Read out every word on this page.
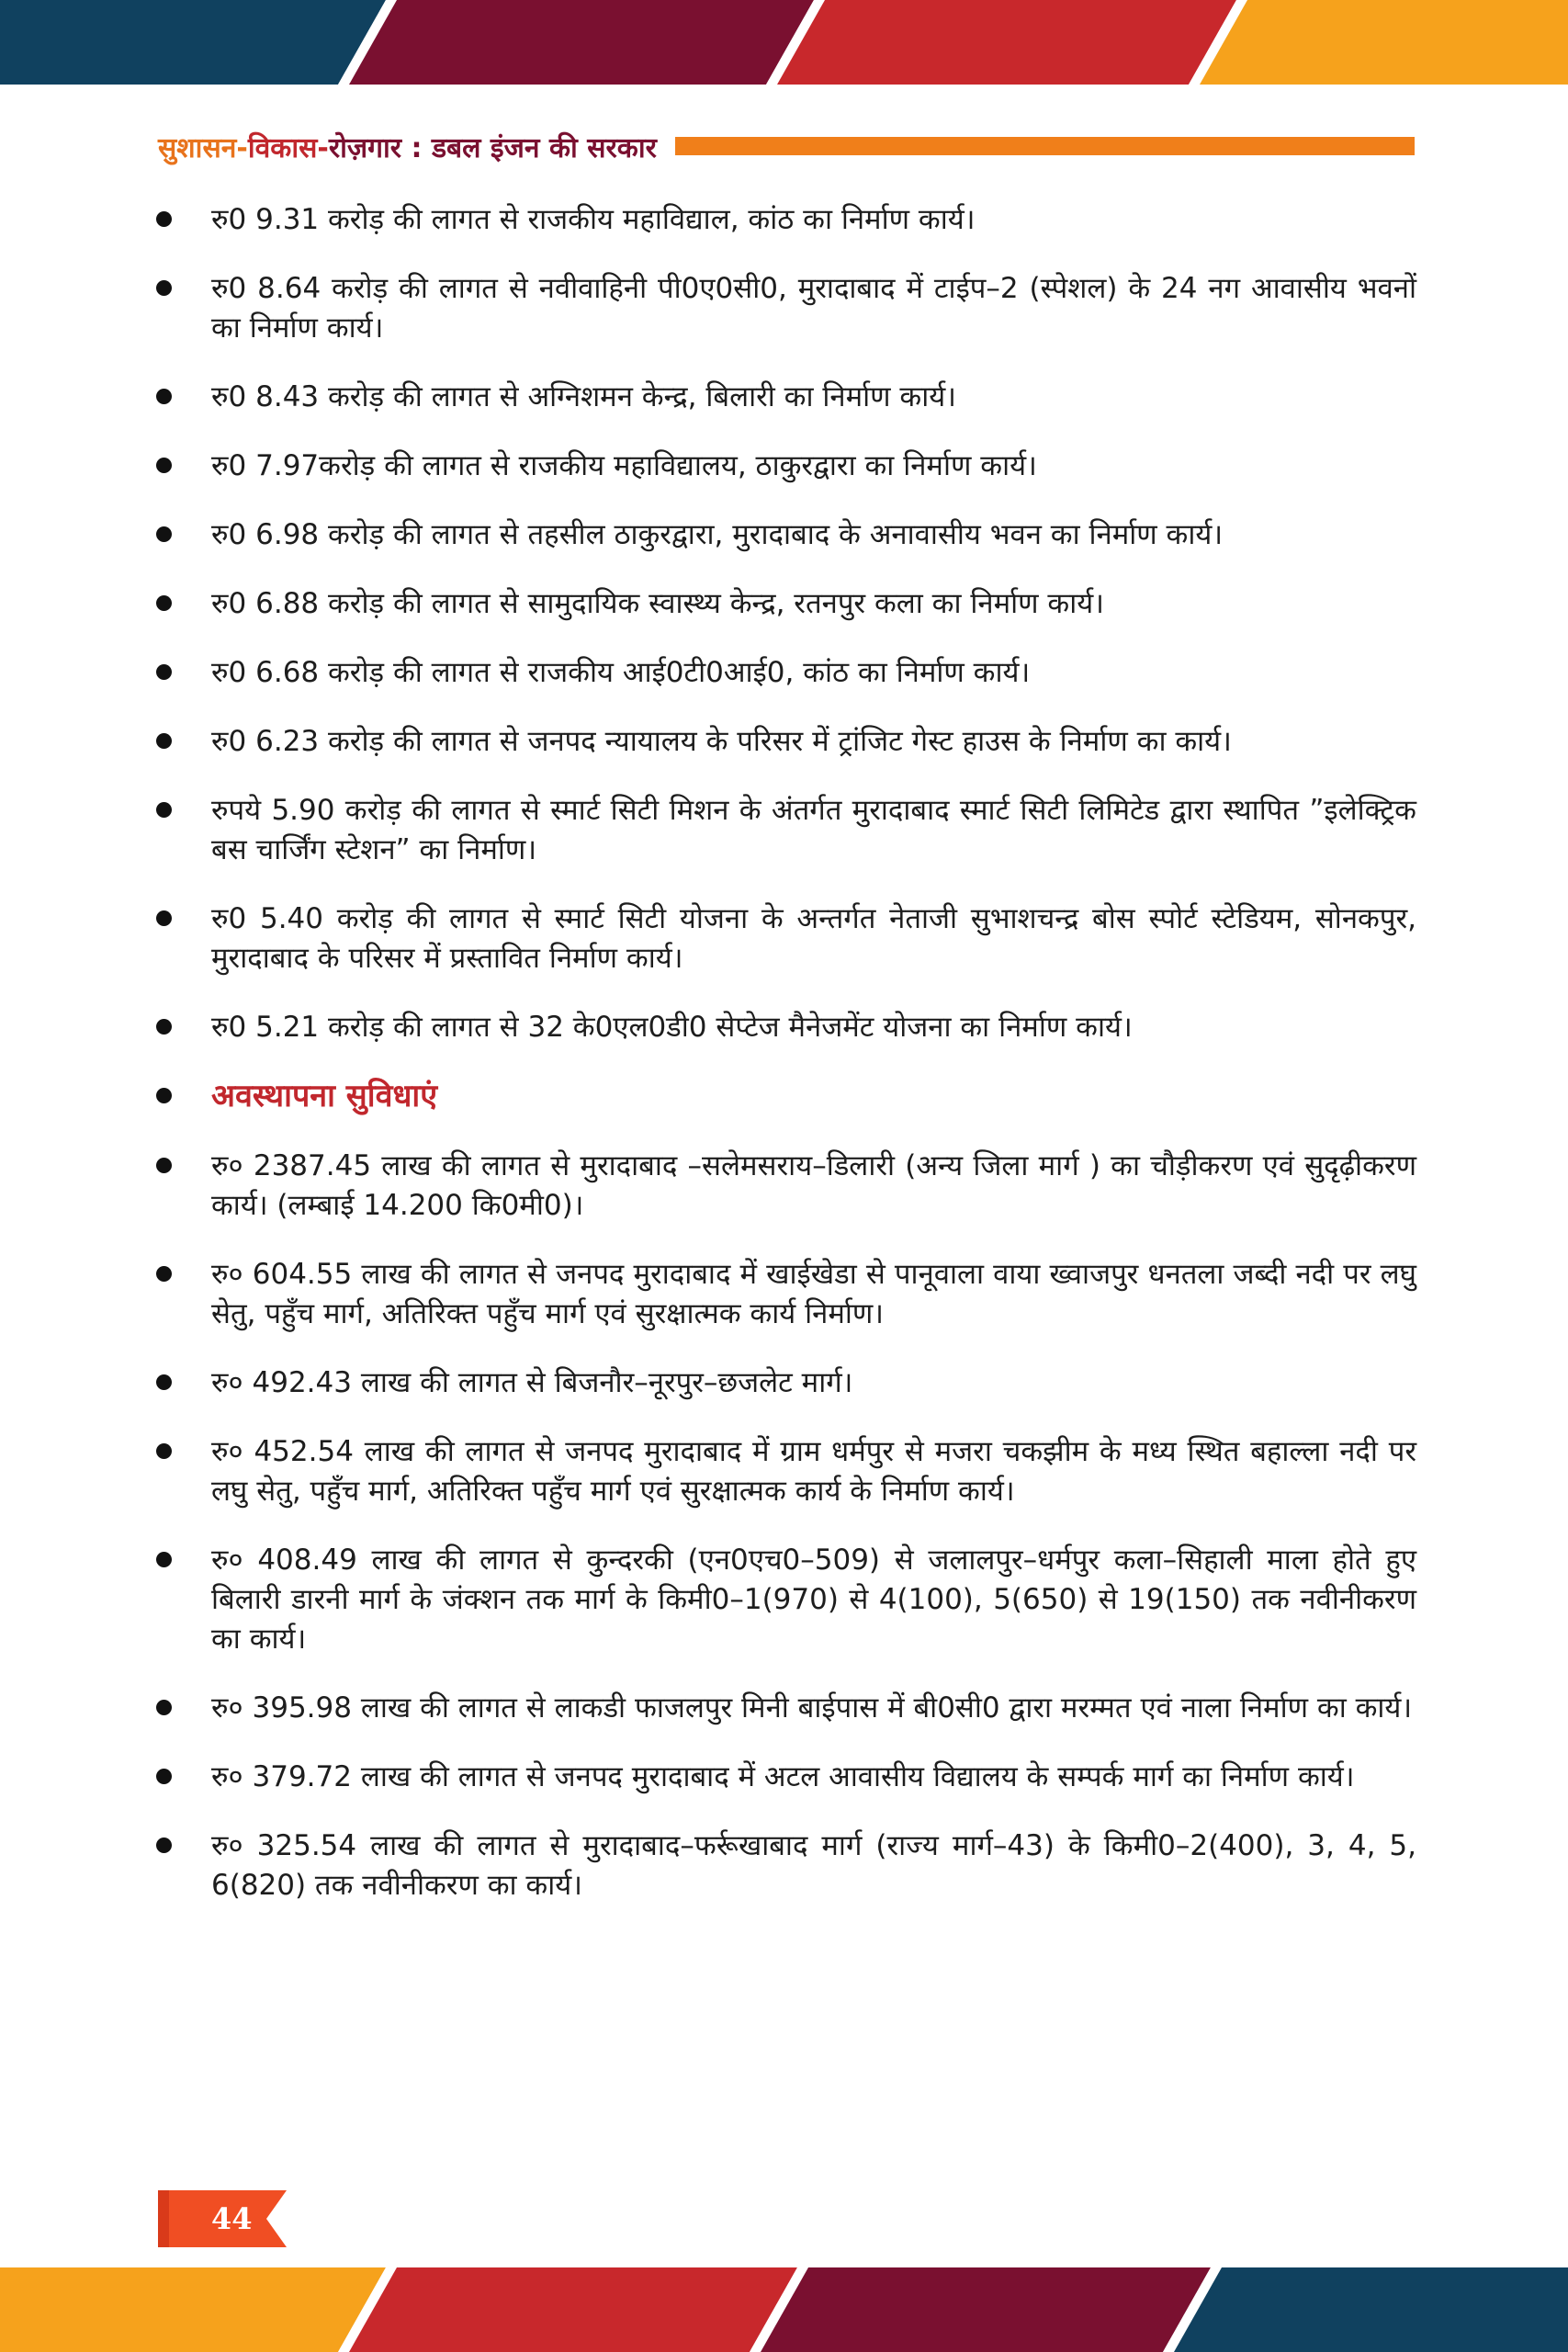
सुशासन-विकास-रोज़गार : डबल इंजन की सरकार
रु0 9.31 करोड़ की लागत से राजकीय महाविद्याल, कांठ का निर्माण कार्य।
रु0 8.64 करोड़ की लागत से नवीवाहिनी पी0ए0सी0, मुरादाबाद में टाईप–2 (स्पेशल) के 24 नग आवासीय भवनों का निर्माण कार्य।
रु0 8.43 करोड़ की लागत से अग्निशमन केन्द्र, बिलारी का निर्माण कार्य।
रु0 7.97करोड़ की लागत से राजकीय महाविद्यालय, ठाकुरद्वारा का निर्माण कार्य।
रु0 6.98 करोड़ की लागत से तहसील ठाकुरद्वारा, मुरादाबाद के अनावासीय भवन का निर्माण कार्य।
रु0 6.88 करोड़ की लागत से सामुदायिक स्वास्थ्य केन्द्र, रतनपुर कला का निर्माण कार्य।
रु0 6.68 करोड़ की लागत से राजकीय आई0टी0आई0, कांठ का निर्माण कार्य।
रु0 6.23 करोड़ की लागत से जनपद न्यायालय के परिसर में ट्रांजिट गेस्ट हाउस के निर्माण का कार्य।
रुपये 5.90 करोड़ की लागत से स्मार्ट सिटी मिशन के अंतर्गत मुरादाबाद स्मार्ट सिटी लिमिटेड द्वारा स्थापित ”इलेक्ट्रिक बस चार्जिंग स्टेशन” का निर्माण।
रु0 5.40 करोड़ की लागत से स्मार्ट सिटी योजना के अन्तर्गत नेताजी सुभाशचन्द्र बोस स्पोर्ट स्टेडियम, सोनकपुर, मुरादाबाद के परिसर में प्रस्तावित निर्माण कार्य।
रु0 5.21 करोड़ की लागत से 32 के0एल0डी0 सेप्टेज मैनेजमेंट योजना का निर्माण कार्य।
अवस्थापना सुविधाएं
रु० 2387.45 लाख की लागत से मुरादाबाद –सलेमसराय–डिलारी (अन्य जिला मार्ग ) का चौड़ीकरण एवं सुदृढ़ीकरण कार्य। (लम्बाई 14.200 कि0मी0)।
रु० 604.55 लाख की लागत से जनपद मुरादाबाद में खाईखेडा से पानूवाला वाया ख्वाजपुर धनतला जब्दी नदी पर लघु सेतु, पहुँच मार्ग, अतिरिक्त पहुँच मार्ग एवं सुरक्षात्मक कार्य निर्माण।
रु० 492.43 लाख की लागत से बिजनौर–नूरपुर–छजलेट मार्ग।
रु० 452.54 लाख की लागत से जनपद मुरादाबाद में ग्राम धर्मपुर से मजरा चकझीम के मध्य स्थित बहाल्ला नदी पर लघु सेतु, पहुँच मार्ग, अतिरिक्त पहुँच मार्ग एवं सुरक्षात्मक कार्य के निर्माण कार्य।
रु० 408.49 लाख की लागत से कुन्दरकी (एन0एच0–509) से जलालपुर–धर्मपुर कला–सिहाली माला होते हुए बिलारी डारनी मार्ग के जंक्शन तक मार्ग के किमी0–1(970) से 4(100), 5(650) से 19(150) तक नवीनीकरण का कार्य।
रु० 395.98 लाख की लागत से लाकडी फाजलपुर मिनी बाईपास में बी0सी0 द्वारा मरम्मत एवं नाला निर्माण का कार्य।
रु० 379.72 लाख की लागत से जनपद मुरादाबाद में अटल आवासीय विद्यालय के सम्पर्क मार्ग का निर्माण कार्य।
रु० 325.54 लाख की लागत से मुरादाबाद–फर्रूखाबाद मार्ग (राज्य मार्ग–43) के किमी0–2(400), 3, 4, 5, 6(820) तक नवीनीकरण का कार्य।
44
